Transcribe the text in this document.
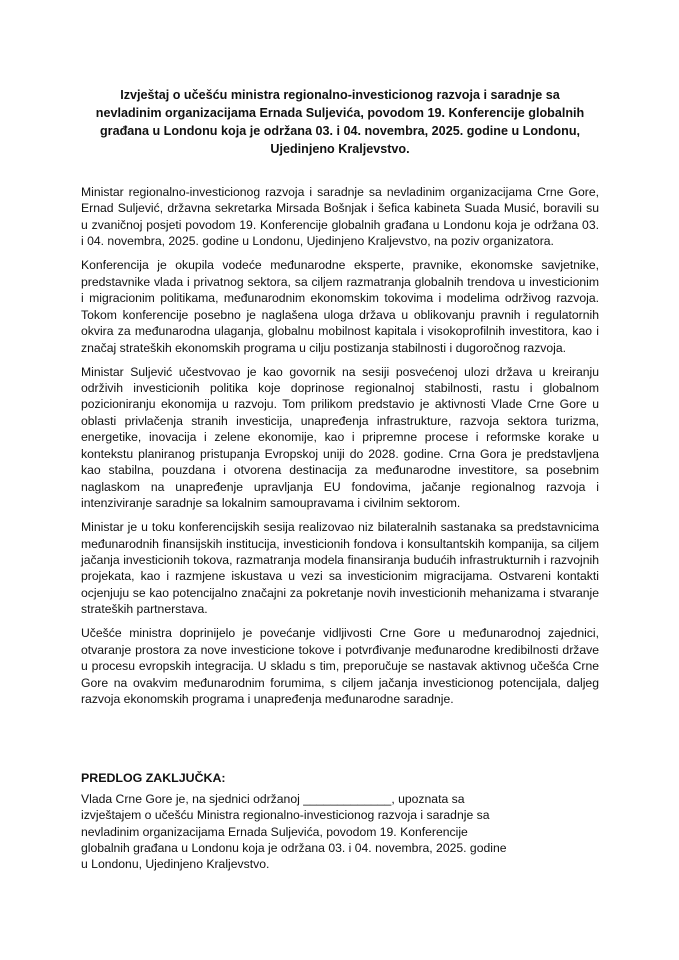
Izvještaj o učešću ministra regionalno-investicionog razvoja i saradnje sa nevladinim organizacijama Ernada Suljevića, povodom 19. Konferencije globalnih građana u Londonu koja je održana 03. i 04. novembra, 2025. godine u Londonu, Ujedinjeno Kraljevstvo.

Ministar regionalno-investicionog razvoja i saradnje sa nevladinim organizacijama Crne Gore, Ernad Suljević, državna sekretarka Mirsada Bošnjak i šefica kabineta Suada Musić, boravili su u zvaničnoj posjeti povodom 19. Konferencije globalnih građana u Londonu koja je održana 03. i 04. novembra, 2025. godine u Londonu, Ujedinjeno Kraljevstvo, na poziv organizatora.

Konferencija je okupila vodeće međunarodne eksperte, pravnike, ekonomske savjetnike, predstavnike vlada i privatnog sektora, sa ciljem razmatranja globalnih trendova u investicionim i migracionim politikama, međunarodnim ekonomskim tokovima i modelima održivog razvoja. Tokom konferencije posebno je naglašena uloga država u oblikovanju pravnih i regulatornih okvira za međunarodna ulaganja, globalnu mobilnost kapitala i visokoprofilnih investitora, kao i značaj strateških ekonomskih programa u cilju postizanja stabilnosti i dugoročnog razvoja.

Ministar Suljević učestvovao je kao govornik na sesiji posvećenoj ulozi država u kreiranju održivih investicionih politika koje doprinose regionalnoj stabilnosti, rastu i globalnom pozicioniranju ekonomija u razvoju. Tom prilikom predstavio je aktivnosti Vlade Crne Gore u oblasti privlačenja stranih investicija, unapređenja infrastrukture, razvoja sektora turizma, energetike, inovacija i zelene ekonomije, kao i pripremne procese i reformske korake u kontekstu planiranog pristupanja Evropskoj uniji do 2028. godine. Crna Gora je predstavljena kao stabilna, pouzdana i otvorena destinacija za međunarodne investitore, sa posebnim naglaskom na unapređenje upravljanja EU fondovima, jačanje regionalnog razvoja i intenziviranje saradnje sa lokalnim samoupravama i civilnim sektorom.

Ministar je u toku konferencijskih sesija realizovao niz bilateralnih sastanaka sa predstavnicima međunarodnih finansijskih institucija, investicionih fondova i konsultantskih kompanija, sa ciljem jačanja investicionih tokova, razmatranja modela finansiranja budućih infrastrukturnih i razvojnih projekata, kao i razmjene iskustava u vezi sa investicionim migracijama. Ostvareni kontakti ocjenjuju se kao potencijalno značajni za pokretanje novih investicionih mehanizama i stvaranje strateških partnerstava.

Učešće ministra doprinijelo je povećanje vidljivosti Crne Gore u međunarodnoj zajednici, otvaranje prostora za nove investicione tokove i potvrđivanje međunarodne kredibilnosti države u procesu evropskih integracija. U skladu s tim, preporučuje se nastavak aktivnog učešća Crne Gore na ovakvim međunarodnim forumima, s ciljem jačanja investicionog potencijala, daljeg razvoja ekonomskih programa i unapređenja međunarodne saradnje.

PREDLOG ZAKLJUČKA:
Vlada Crne Gore je, na sjednici održanoj _____________, upoznata sa
izvještajem o učešću Ministra regionalno-investicionog razvoja i saradnje sa
nevladinim organizacijama Ernada Suljevića, povodom 19. Konferencije
globalnih građana u Londonu koja je održana 03. i 04. novembra, 2025. godine
u Londonu, Ujedinjeno Kraljevstvo.
